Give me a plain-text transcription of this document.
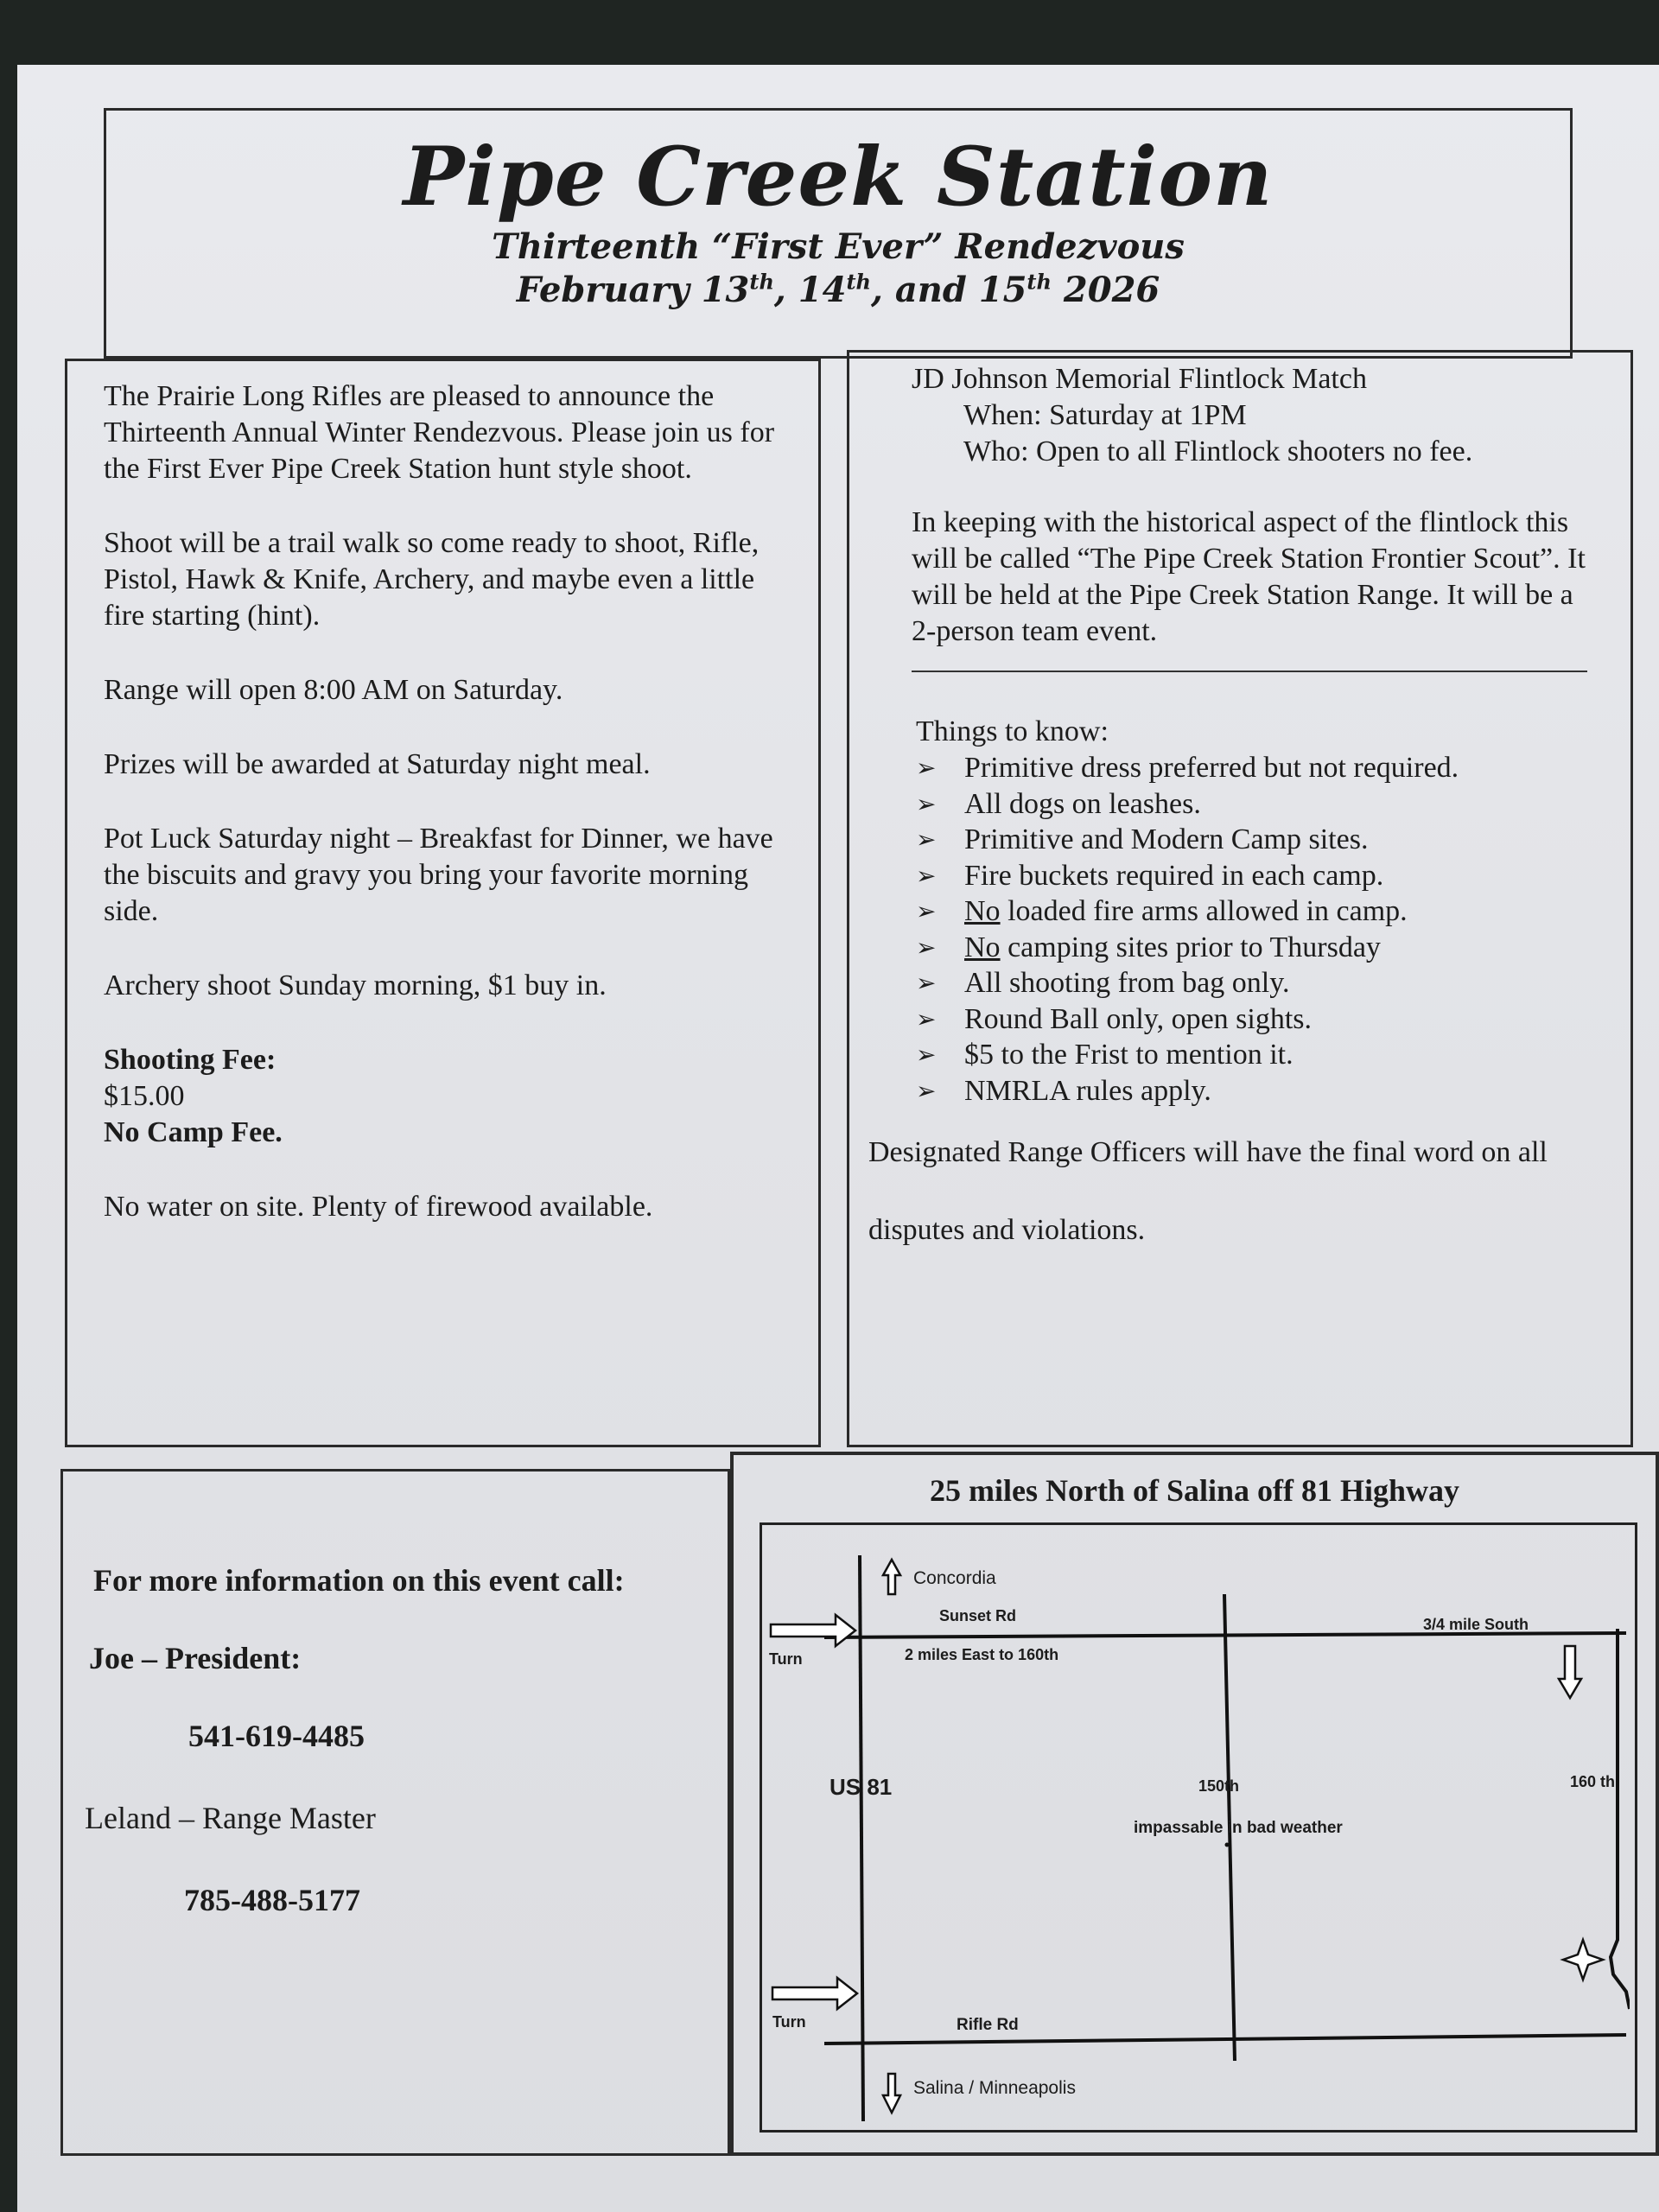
Pipe Creek Station
Thirteenth “First Ever” Rendezvous
February 13th, 14th, and 15th 2026

The Prairie Long Rifles are pleased to announce the Thirteenth Annual Winter Rendezvous. Please join us for the First Ever Pipe Creek Station hunt style shoot.

Shoot will be a trail walk so come ready to shoot, Rifle, Pistol, Hawk & Knife, Archery, and maybe even a little fire starting (hint).

Range will open 8:00 AM on Saturday.

Prizes will be awarded at Saturday night meal.

Pot Luck Saturday night – Breakfast for Dinner, we have the biscuits and gravy you bring your favorite morning side.

Archery shoot Sunday morning, $1 buy in.

Shooting Fee:
$15.00
No Camp Fee.

No water on site. Plenty of firewood available.

JD Johnson Memorial Flintlock Match

When: Saturday at 1PM

Who: Open to all Flintlock shooters no fee.

In keeping with the historical aspect of the flintlock this will be called “The Pipe Creek Station Frontier Scout”. It will be held at the Pipe Creek Station Range. It will be a 2-person team event.

Things to know:

➢ Primitive dress preferred but not required.
➢ All dogs on leashes.
➢ Primitive and Modern Camp sites.
➢ Fire buckets required in each camp.
➢ No loaded fire arms allowed in camp.
➢ No camping sites prior to Thursday
➢ All shooting from bag only.
➢ Round Ball only, open sights.
➢ $5 to the Frist to mention it.
➢ NMRLA rules apply.

Designated Range Officers will have the final word on all disputes and violations.

For more information on this event call:
Joe – President:
541-619-4485
Leland – Range Master
785-488-5177
25 miles North of Salina off 81 Highway
Concordia
Sunset Rd
Turn	2 miles East to 160th
3/4 mile South
US 81	150th	160 th
impassable in bad weather
Turn	Rifle Rd
Salina / Minneapolis
